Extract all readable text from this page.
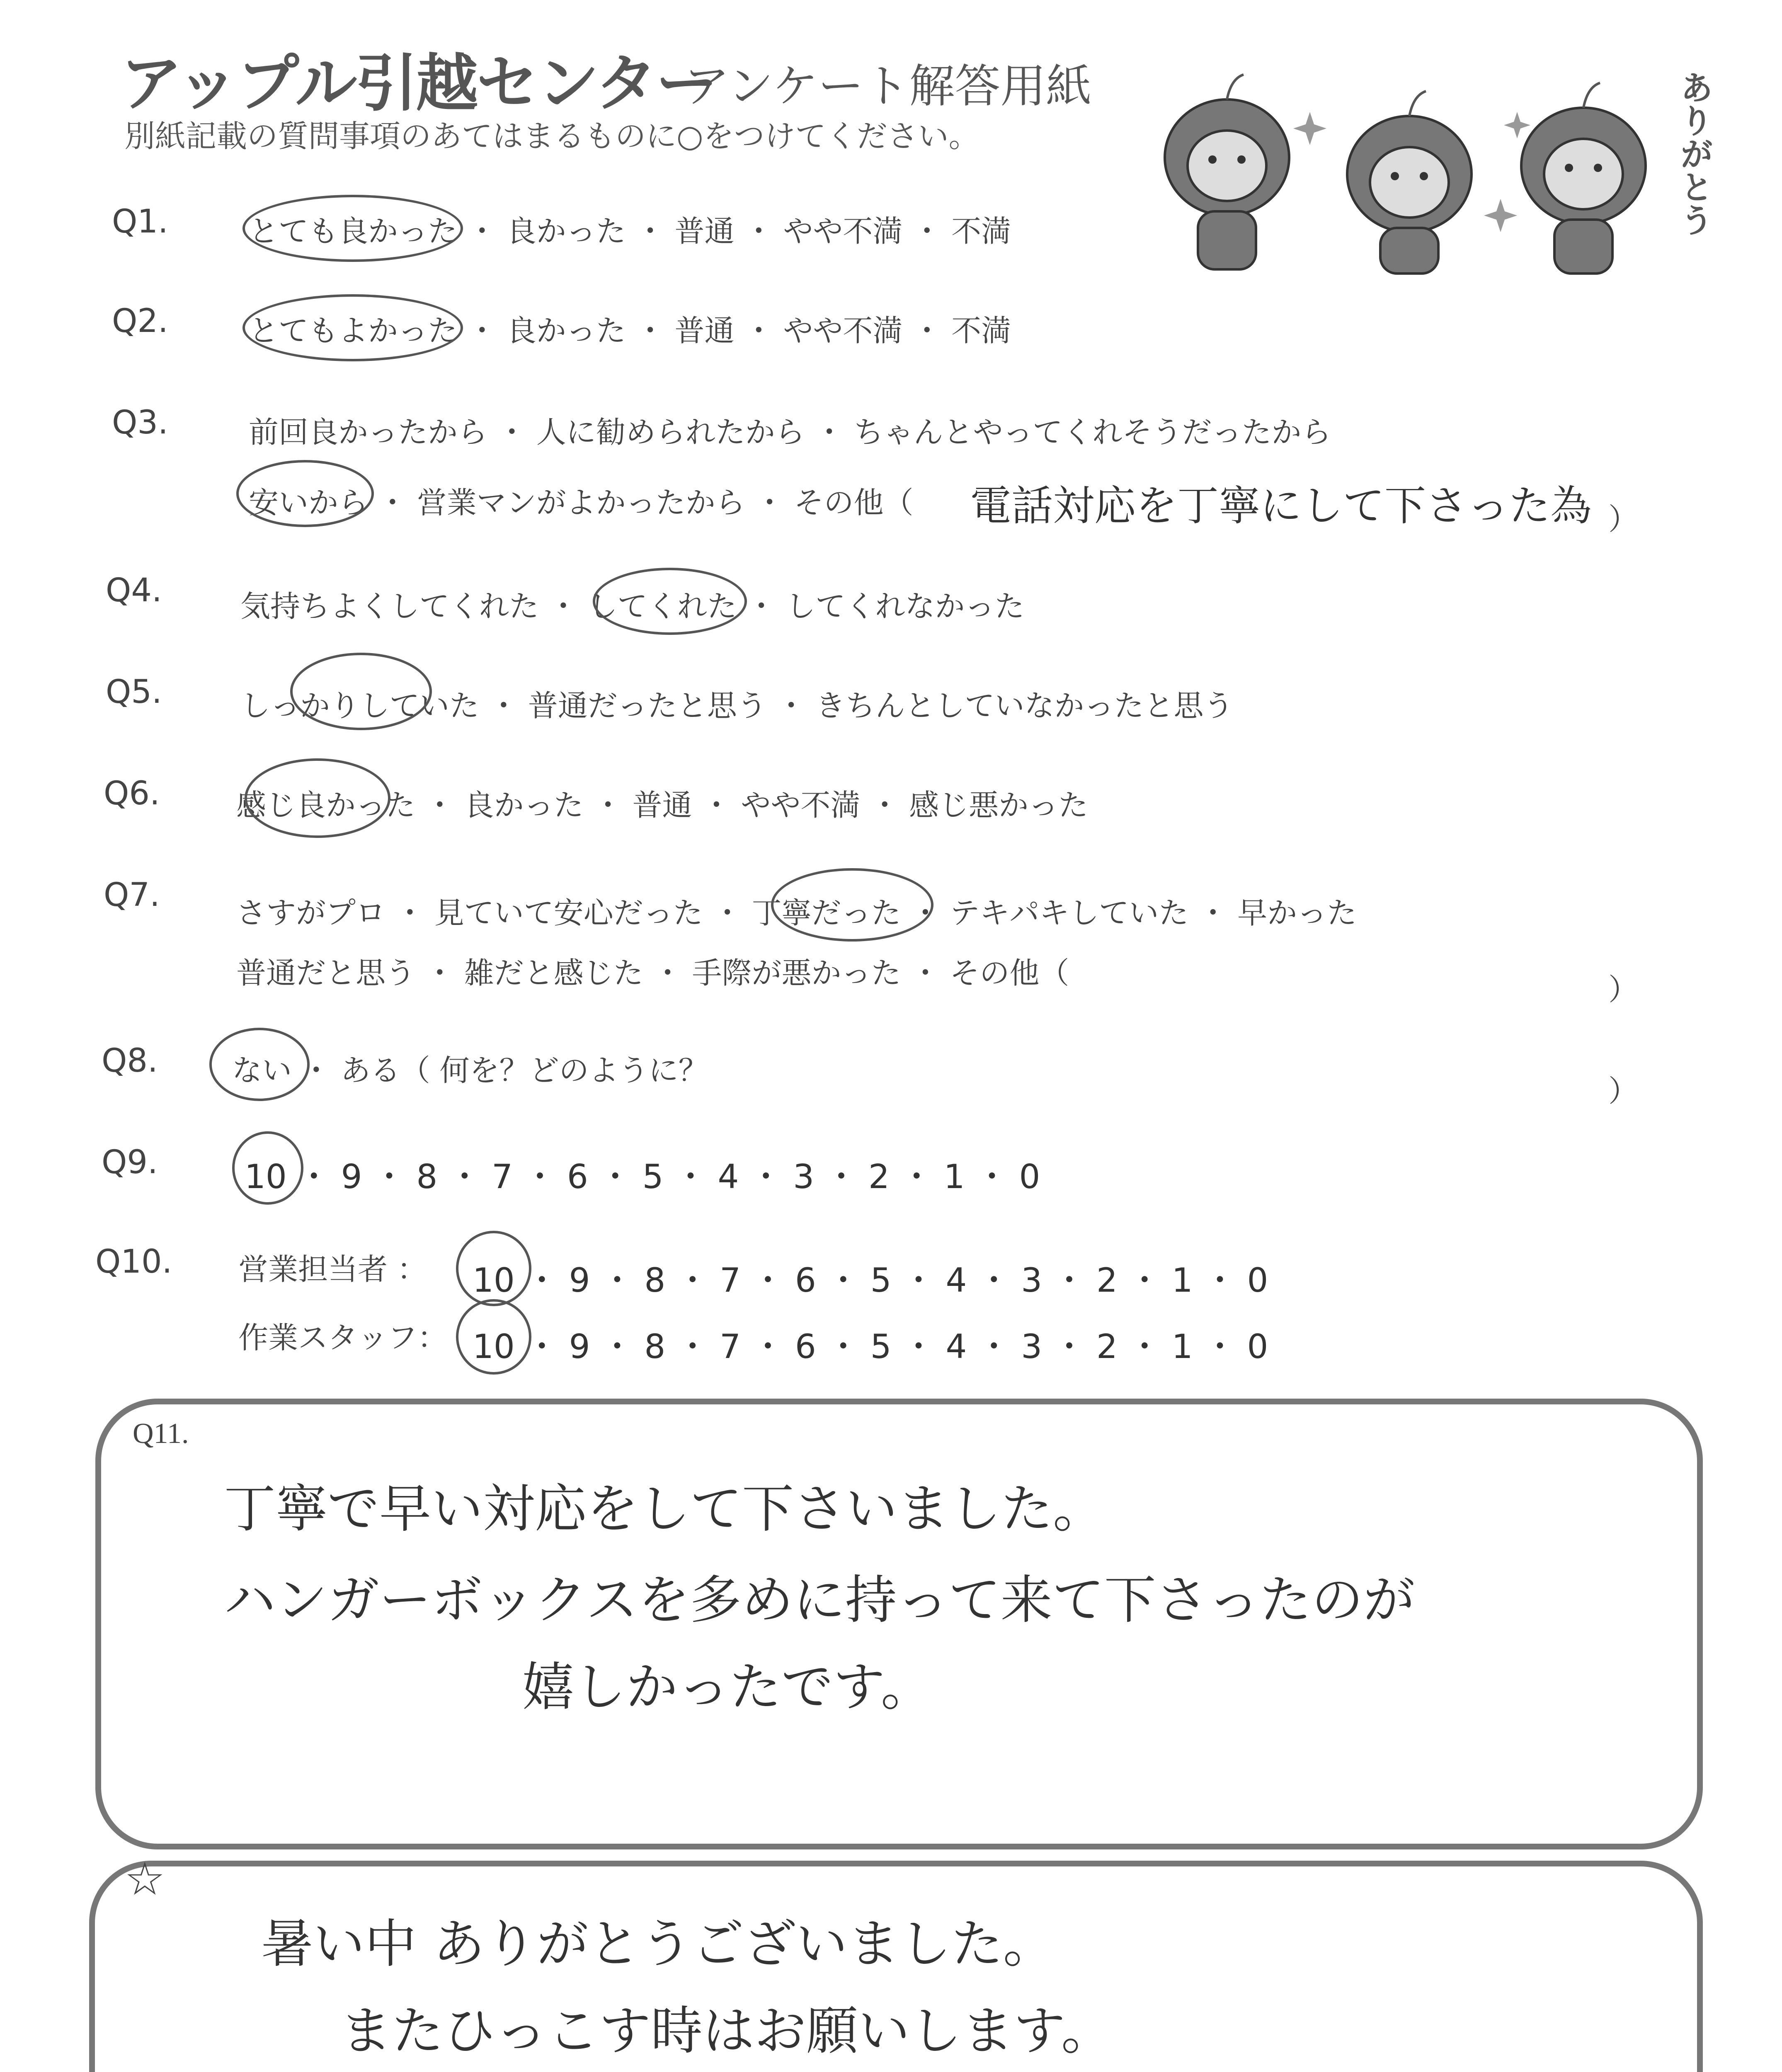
アップル引越センター
アンケート解答用紙
別紙記載の質問事項のあてはまるものに○をつけてください。	ありがとう
Q1.	とても良かった ・ 良かった ・ 普通 ・ やや不満 ・ 不満
Q2.	とてもよかった ・ 良かった ・ 普通 ・ やや不満 ・ 不満
Q3.	前回良かったから ・ 人に勧められたから ・ ちゃんとやってくれそうだったから
安いから ・ 営業マンがよかったから ・ その他（ 電話対応を丁寧にして下さった為 ）
Q4.	気持ちよくしてくれた ・ してくれた ・ してくれなかった
Q5.	しっかりしていた ・ 普通だったと思う ・ きちんとしていなかったと思う
Q6.	感じ良かった ・ 良かった ・ 普通 ・ やや不満 ・ 感じ悪かった
Q7.	さすがプロ ・ 見ていて安心だった ・ 丁寧だった ・ テキパキしていた ・ 早かった
普通だと思う ・ 雑だと感じた ・ 手際が悪かった ・ その他（	）
Q8. ない ・ ある（ 何を？どのように？
）
Q9.	10 ・ 9 ・ 8 ・ 7 ・ 6 ・ 5 ・ 4 ・ 3 ・ 2 ・ 1 ・ 0
Q10. 営業担当者 ： 10 ・ 9 ・ 8 ・ 7 ・ 6 ・ 5 ・ 4 ・ 3 ・ 2 ・ 1 ・ 0
作業スタッフ： 10 ・ 9 ・ 8 ・ 7 ・ 6 ・ 5 ・ 4 ・ 3 ・ 2 ・ 1 ・ 0
Q11.
丁寧で早い対応をして下さいました。
ハンガーボックスを多めに持って来て下さったのが
嬉しかったです。
☆
暑い中 ありがとうございました。
またひっこす時はお願いします。
